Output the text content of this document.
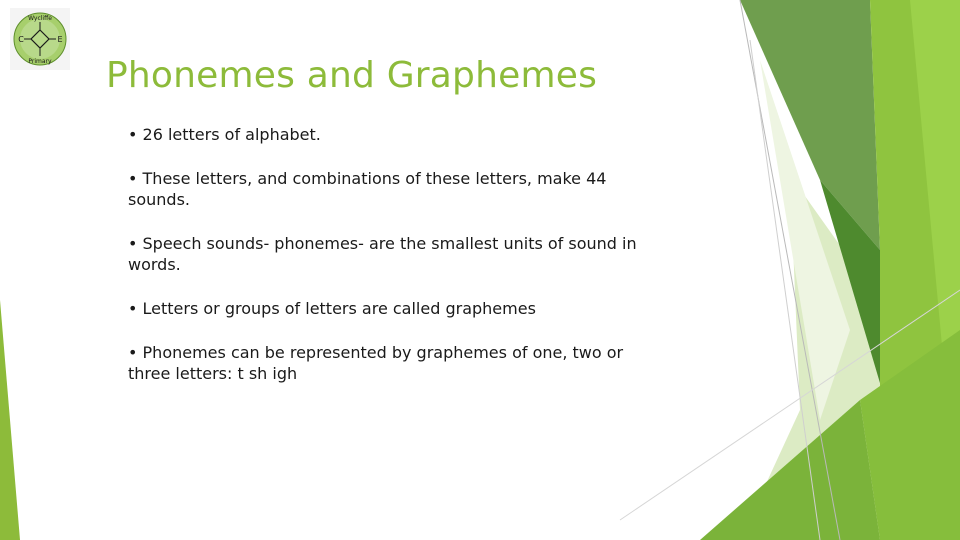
Wycliffe
Primary
C	E
Phonemes and Graphemes
• 26 letters of alphabet.
• These letters, and combinations of these letters, make 44 sounds.
• Speech sounds- phonemes- are the smallest units of sound in words.
• Letters or groups of letters are called graphemes
• Phonemes can be represented by graphemes of one, two or three letters: t sh igh
